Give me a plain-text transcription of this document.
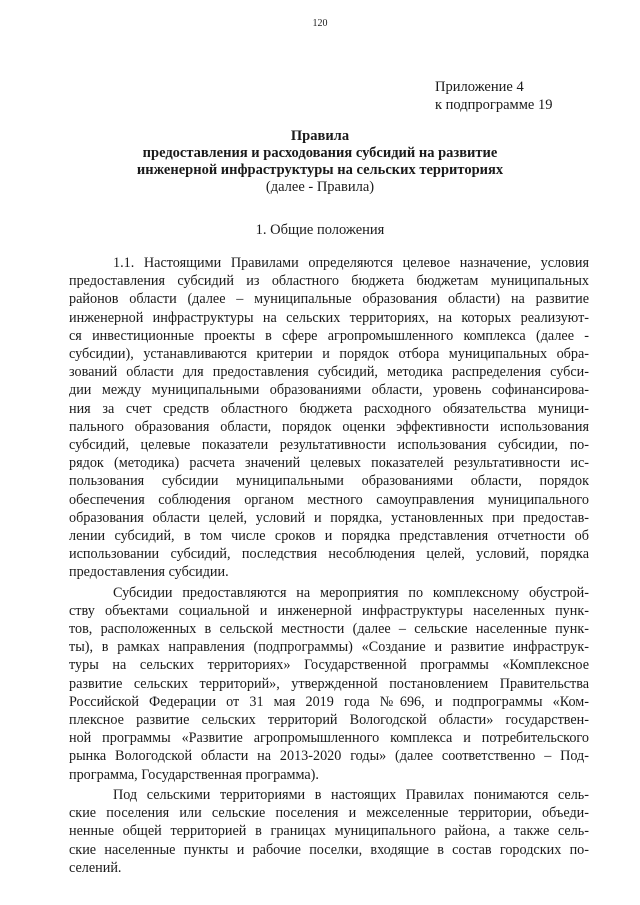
120
Приложение 4
к подпрограмме 19
Правила
предоставления и расходования субсидий на развитие
инженерной инфраструктуры на сельских территориях
(далее - Правила)
1. Общие положения

1.1. Настоящими Правилами определяются целевое назначение, условия
предоставления субсидий из областного бюджета бюджетам муниципальных
районов области (далее – муниципальные образования области) на развитие
инженерной инфраструктуры на сельских территориях, на которых реализуют-
ся инвестиционные проекты в сфере агропромышленного комплекса (далее -
субсидии), устанавливаются критерии и порядок отбора муниципальных обра-
зований области для предоставления субсидий, методика распределения субси-
дии между муниципальными образованиями области, уровень софинансирова-
ния за счет средств областного бюджета расходного обязательства муници-
пального образования области, порядок оценки эффективности использования
субсидий, целевые показатели результативности использования субсидии, по-
рядок (методика) расчета значений целевых показателей результативности ис-
пользования субсидии муниципальными образованиями области, порядок
обеспечения соблюдения органом местного самоуправления муниципального
образования области целей, условий и порядка, установленных при предостав-
лении субсидий, в том числе сроков и порядка представления отчетности об
использовании субсидий, последствия несоблюдения целей, условий, порядка
предоставления субсидии.

Субсидии предоставляются на мероприятия по комплексному обустрой-
ству объектами социальной и инженерной инфраструктуры населенных пунк-
тов, расположенных в сельской местности (далее – сельские населенные пунк-
ты), в рамках направления (подпрограммы) «Создание и развитие инфраструк-
туры на сельских территориях» Государственной программы «Комплексное
развитие сельских территорий», утвержденной постановлением Правительства
Российской Федерации от 31 мая 2019 года №696, и подпрограммы «Ком-
плексное развитие сельских территорий Вологодской области» государствен-
ной программы «Развитие агропромышленного комплекса и потребительского
рынка Вологодской области на 2013-2020 годы» (далее соответственно – Под-
программа, Государственная программа).

Под сельскими территориями в настоящих Правилах понимаются сель-
ские поселения или сельские поселения и межселенные территории, объеди-
ненные общей территорией в границах муниципального района, а также сель-
ские населенные пункты и рабочие поселки, входящие в состав городских по-
селений.
